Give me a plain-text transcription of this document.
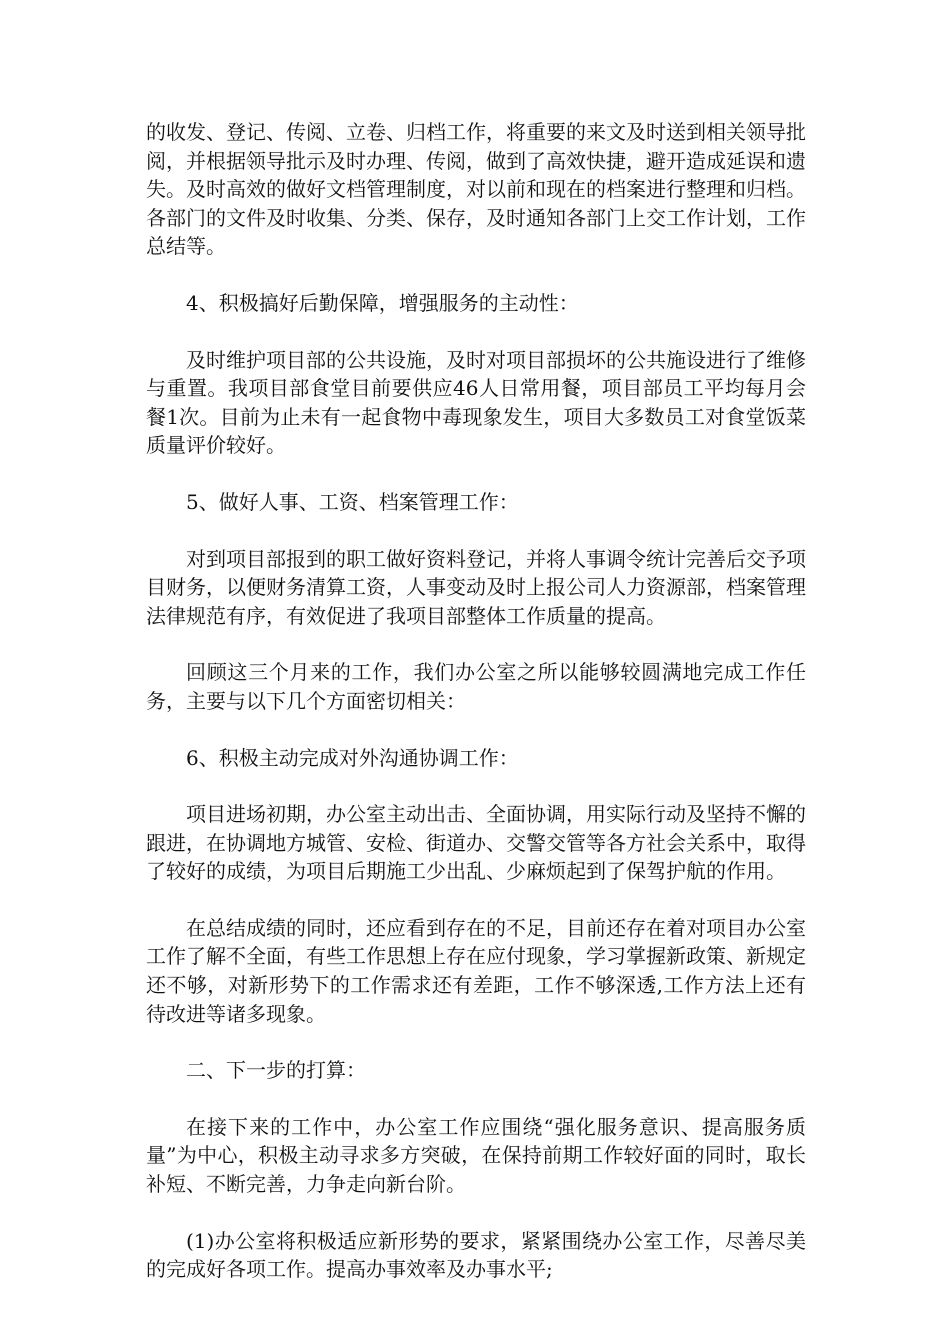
的收发、登记、传阅、立卷、归档工作，将重要的来文及时送到相关领导批阅，并根据领导批示及时办理、传阅，做到了高效快捷，避开造成延误和遗失。及时高效的做好文档管理制度，对以前和现在的档案进行整理和归档。各部门的文件及时收集、分类、保存，及时通知各部门上交工作计划，工作总结等。

4、积极搞好后勤保障，增强服务的主动性：

及时维护项目部的公共设施，及时对项目部损坏的公共施设进行了维修与重置。我项目部食堂目前要供应46人日常用餐，项目部员工平均每月会餐1次。目前为止未有一起食物中毒现象发生，项目大多数员工对食堂饭菜质量评价较好。

5、做好人事、工资、档案管理工作：

对到项目部报到的职工做好资料登记，并将人事调令统计完善后交予项目财务，以便财务清算工资，人事变动及时上报公司人力资源部，档案管理法律规范有序，有效促进了我项目部整体工作质量的提高。

回顾这三个月来的工作，我们办公室之所以能够较圆满地完成工作任务，主要与以下几个方面密切相关：

6、积极主动完成对外沟通协调工作：

项目进场初期，办公室主动出击、全面协调，用实际行动及坚持不懈的跟进，在协调地方城管、安检、街道办、交警交管等各方社会关系中，取得了较好的成绩，为项目后期施工少出乱、少麻烦起到了保驾护航的作用。

在总结成绩的同时，还应看到存在的不足，目前还存在着对项目办公室工作了解不全面，有些工作思想上存在应付现象，学习掌握新政策、新规定还不够，对新形势下的工作需求还有差距，工作不够深透,工作方法上还有待改进等诸多现象。

二、下一步的打算：

在接下来的工作中，办公室工作应围绕“强化服务意识、提高服务质量”为中心，积极主动寻求多方突破，在保持前期工作较好面的同时，取长补短、不断完善，力争走向新台阶。

(1)办公室将积极适应新形势的要求，紧紧围绕办公室工作，尽善尽美的完成好各项工作。提高办事效率及办事水平;
